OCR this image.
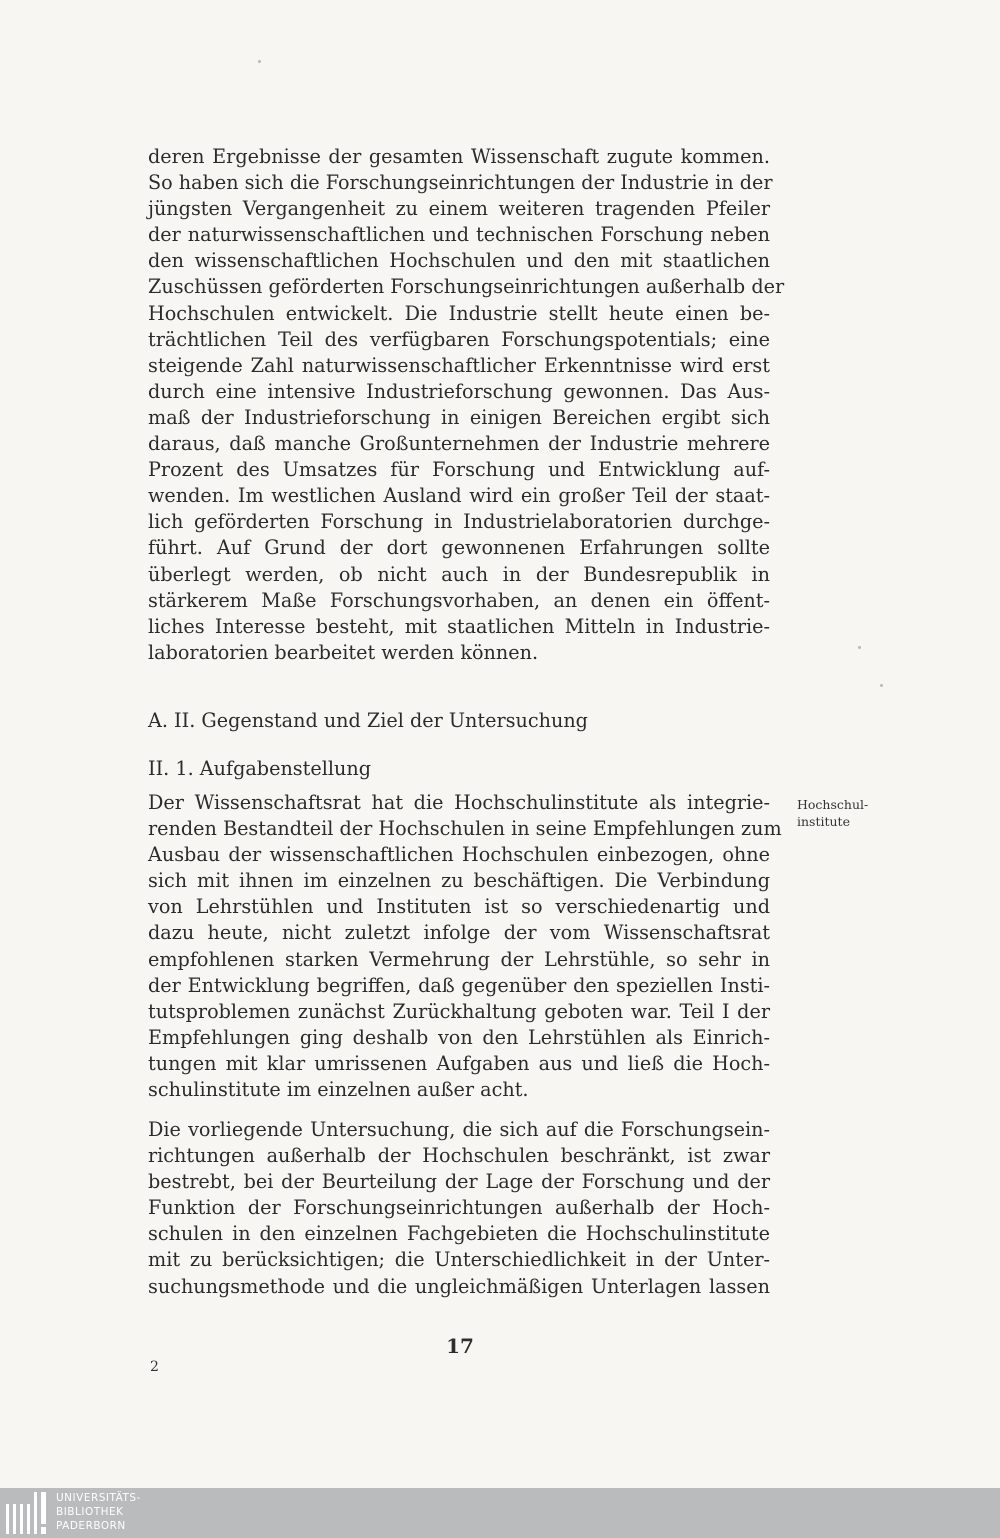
deren Ergebnisse der gesamten Wissenschaft zugute kommen.
So haben sich die Forschungseinrichtungen der Industrie in der
jüngsten Vergangenheit zu einem weiteren tragenden Pfeiler
der naturwissenschaftlichen und technischen Forschung neben
den wissenschaftlichen Hochschulen und den mit staatlichen
Zuschüssen geförderten Forschungseinrichtungen außerhalb der
Hochschulen entwickelt. Die Industrie stellt heute einen be-
trächtlichen Teil des verfügbaren Forschungspotentials; eine
steigende Zahl naturwissenschaftlicher Erkenntnisse wird erst
durch eine intensive Industrieforschung gewonnen. Das Aus-
maß der Industrieforschung in einigen Bereichen ergibt sich
daraus, daß manche Großunternehmen der Industrie mehrere
Prozent des Umsatzes für Forschung und Entwicklung auf-
wenden. Im westlichen Ausland wird ein großer Teil der staat-
lich geförderten Forschung in Industrielaboratorien durchge-
führt. Auf Grund der dort gewonnenen Erfahrungen sollte
überlegt werden, ob nicht auch in der Bundesrepublik in
stärkerem Maße Forschungsvorhaben, an denen ein öffent-
liches Interesse besteht, mit staatlichen Mitteln in Industrie-
laboratorien bearbeitet werden können.
A. II. Gegenstand und Ziel der Untersuchung
II. 1. Aufgabenstellung
Der Wissenschaftsrat hat die Hochschulinstitute als integrie-
renden Bestandteil der Hochschulen in seine Empfehlungen zum
Ausbau der wissenschaftlichen Hochschulen einbezogen, ohne
sich mit ihnen im einzelnen zu beschäftigen. Die Verbindung
von Lehrstühlen und Instituten ist so verschiedenartig und
dazu heute, nicht zuletzt infolge der vom Wissenschaftsrat
empfohlenen starken Vermehrung der Lehrstühle, so sehr in
der Entwicklung begriffen, daß gegenüber den speziellen Insti-
tutsproblemen zunächst Zurückhaltung geboten war. Teil I der
Empfehlungen ging deshalb von den Lehrstühlen als Einrich-
tungen mit klar umrissenen Aufgaben aus und ließ die Hoch-
schulinstitute im einzelnen außer acht.
Hochschul-
institute
Die vorliegende Untersuchung, die sich auf die Forschungsein-
richtungen außerhalb der Hochschulen beschränkt, ist zwar
bestrebt, bei der Beurteilung der Lage der Forschung und der
Funktion der Forschungseinrichtungen außerhalb der Hoch-
schulen in den einzelnen Fachgebieten die Hochschulinstitute
mit zu berücksichtigen; die Unterschiedlichkeit in der Unter-
suchungsmethode und die ungleichmäßigen Unterlagen lassen
17
2
UNIVERSITÄTS-
BIBLIOTHEK
PADERBORN
